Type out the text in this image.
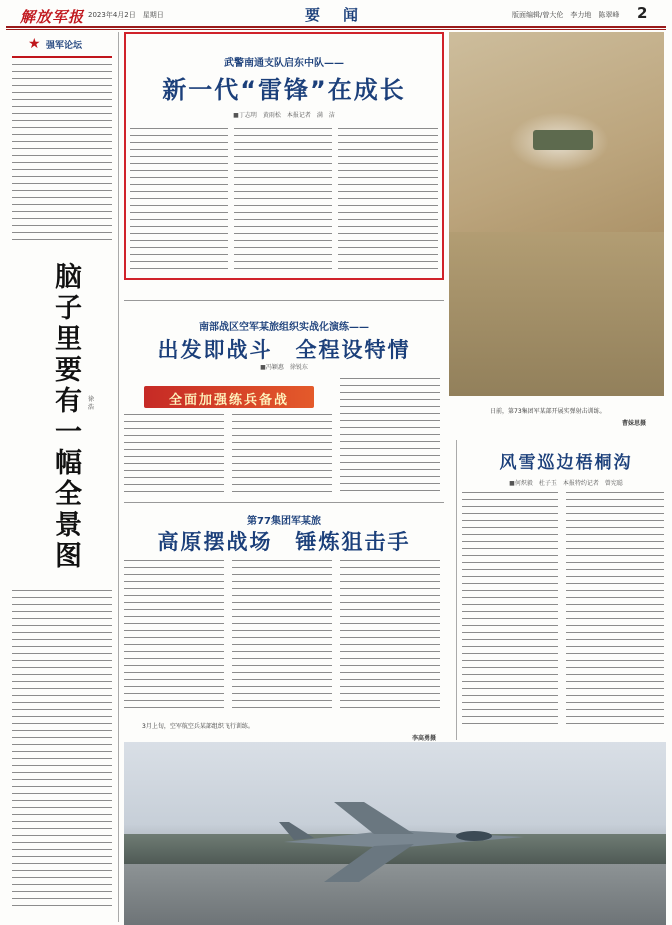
解放军报 2023年4月2日　星期日	要　闻	版面编辑/曾大伦　李力地　陈翠峰 2
★ 强军论坛
脑子里要有一幅全景图
徐　浩
武警南通支队启东中队——
新一代“雷锋”在成长
■丁志明　黄雨松　本报记者　满　洁
日前，第73集团军某部开展实弹射击训练。
曹妹思摄
南部战区空军某旅组织实战化演练——
出发即战斗　全程设特情
■冯颖惠　徐锐东
全面加强练兵备战
第77集团军某旅
高原摆战场　锤炼狙击手
3月上旬，空军航空兵某部组织飞行训练。
李高勇摄
风雪巡边梧桐沟
■何炽毅　杜子玉　本报特约记者　曾宪聪
